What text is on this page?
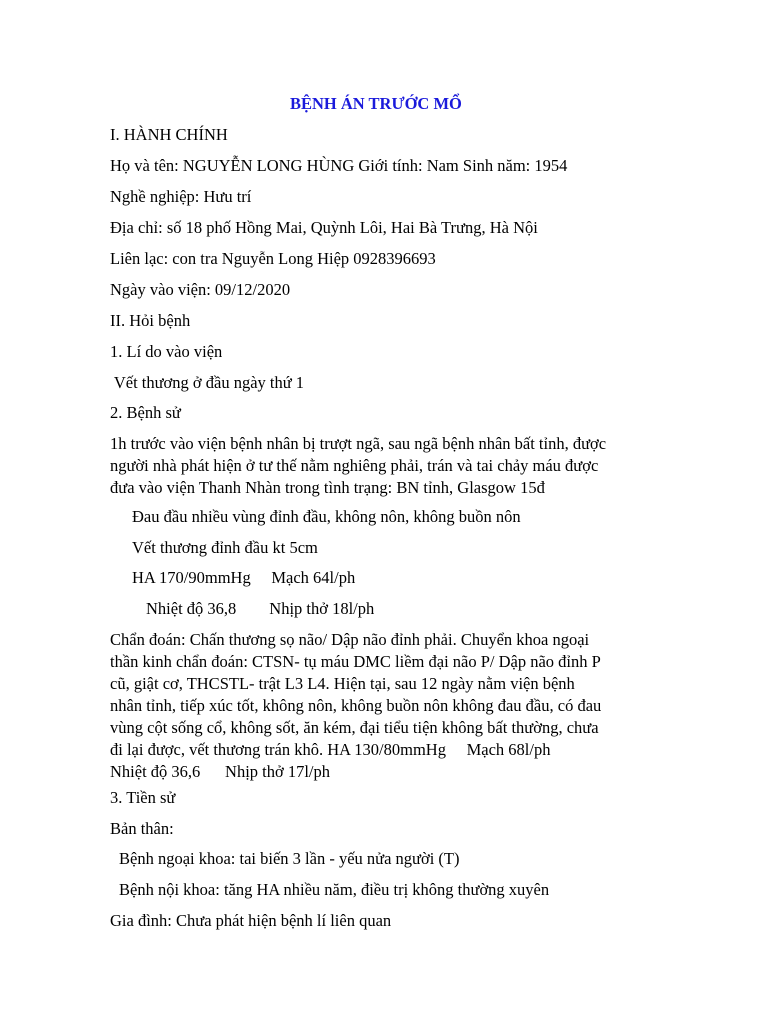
BỆNH ÁN TRƯỚC MỔ
I. HÀNH CHÍNH
Họ và tên: NGUYỄN LONG HÙNG Giới tính: Nam Sinh năm: 1954
Nghề nghiệp: Hưu trí
Địa chỉ: số 18 phố Hồng Mai, Quỳnh Lôi, Hai Bà Trưng, Hà Nội
Liên lạc: con tra Nguyễn Long Hiệp 0928396693
Ngày vào viện: 09/12/2020
II. Hỏi bệnh
1. Lí do vào viện
Vết thương ở đầu ngày thứ 1
2. Bệnh sử
1h trước vào viện bệnh nhân bị trượt ngã, sau ngã bệnh nhân bất tỉnh, được
người nhà phát hiện ở tư thế nằm nghiêng phải, trán và tai chảy máu được
đưa vào viện Thanh Nhàn trong tình trạng: BN tỉnh, Glasgow 15đ
Đau đầu nhiều vùng đỉnh đầu, không nôn, không buồn nôn
Vết thương đỉnh đầu kt 5cm
HA 170/90mmHg     Mạch 64l/ph
Nhiệt độ 36,8        Nhịp thở 18l/ph
Chẩn đoán: Chấn thương sọ não/ Dập não đỉnh phải. Chuyển khoa ngoại
thần kinh chẩn đoán: CTSN- tụ máu DMC liềm đại não P/ Dập não đỉnh P
cũ, giật cơ, THCSTL- trật L3 L4. Hiện tại, sau 12 ngày nằm viện bệnh
nhân tỉnh, tiếp xúc tốt, không nôn, không buồn nôn không đau đầu, có đau
vùng cột sống cổ, không sốt, ăn kém, đại tiểu tiện không bất thường, chưa
đi lại được, vết thương trán khô. HA 130/80mmHg     Mạch 68l/ph
Nhiệt độ 36,6      Nhịp thở 17l/ph
3. Tiền sử
Bản thân:
Bệnh ngoại khoa: tai biến 3 lần - yếu nửa người (T)
Bệnh nội khoa: tăng HA nhiều năm, điều trị không thường xuyên
Gia đình: Chưa phát hiện bệnh lí liên quan
